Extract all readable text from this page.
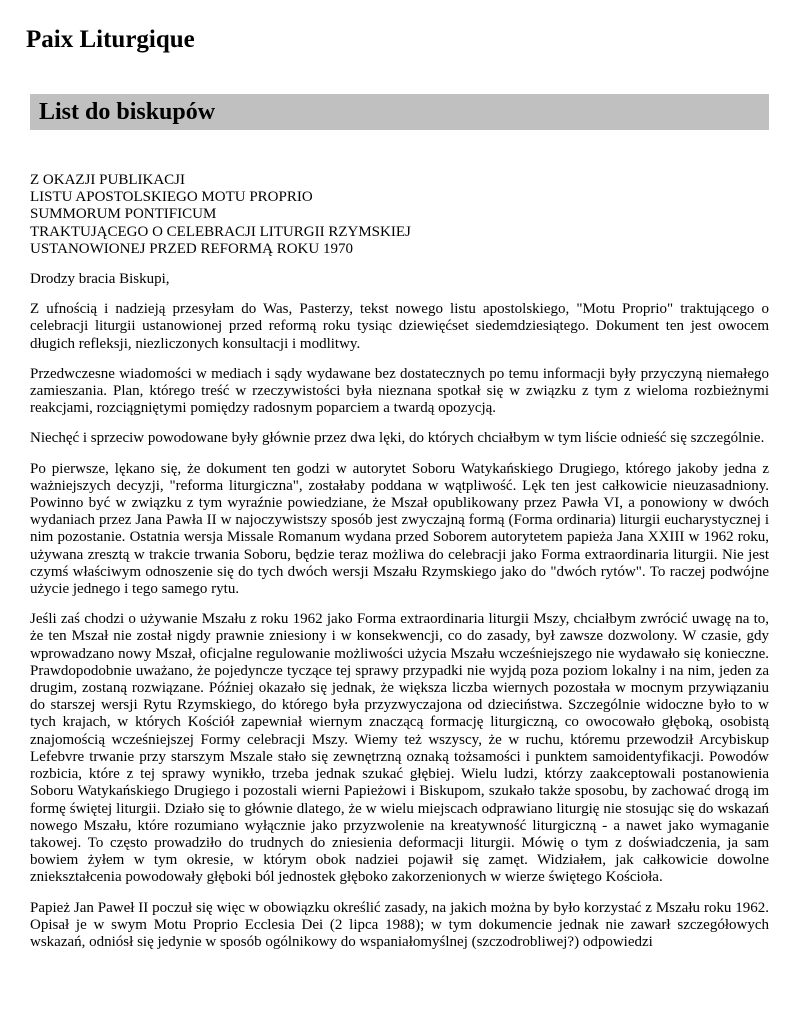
Paix Liturgique
List do biskupów
Z OKAZJI PUBLIKACJI
LISTU APOSTOLSKIEGO MOTU PROPRIO
SUMMORUM PONTIFICUM
TRAKTUJĄCEGO O CELEBRACJI LITURGII RZYMSKIEJ
USTANOWIONEJ PRZED REFORMĄ ROKU 1970

Drodzy bracia Biskupi,

Z ufnością i nadzieją przesyłam do Was, Pasterzy, tekst nowego listu apostolskiego, "Motu Proprio" traktującego o celebracji liturgii ustanowionej przed reformą roku tysiąc dziewięćset siedemdziesiątego. Dokument ten jest owocem długich refleksji, niezliczonych konsultacji i modlitwy.

Przedwczesne wiadomości w mediach i sądy wydawane bez dostatecznych po temu informacji były przyczyną niemałego zamieszania. Plan, którego treść w rzeczywistości była nieznana spotkał się w związku z tym z wieloma rozbieżnymi reakcjami, rozciągniętymi pomiędzy radosnym poparciem a twardą opozycją.

Niechęć i sprzeciw powodowane były głównie przez dwa lęki, do których chciałbym w tym liście odnieść się szczególnie.

Po pierwsze, lękano się, że dokument ten godzi w autorytet Soboru Watykańskiego Drugiego, którego jakoby jedna z ważniejszych decyzji, "reforma liturgiczna", zostałaby poddana w wątpliwość. Lęk ten jest całkowicie nieuzasadniony. Powinno być w związku z tym wyraźnie powiedziane, że Mszał opublikowany przez Pawła VI, a ponowiony w dwóch wydaniach przez Jana Pawła II w najoczywistszy sposób jest zwyczajną formą (Forma ordinaria) liturgii eucharystycznej i nim pozostanie. Ostatnia wersja Missale Romanum wydana przed Soborem autorytetem papieża Jana XXIII w 1962 roku, używana zresztą w trakcie trwania Soboru, będzie teraz możliwa do celebracji jako Forma extraordinaria liturgii. Nie jest czymś właściwym odnoszenie się do tych dwóch wersji Mszału Rzymskiego jako do "dwóch rytów". To raczej podwójne użycie jednego i tego samego rytu.

Jeśli zaś chodzi o używanie Mszału z roku 1962 jako Forma extraordinaria liturgii Mszy, chciałbym zwrócić uwagę na to, że ten Mszał nie został nigdy prawnie zniesiony i w konsekwencji, co do zasady, był zawsze dozwolony. W czasie, gdy wprowadzano nowy Mszał, oficjalne regulowanie możliwości użycia Mszału wcześniejszego nie wydawało się konieczne. Prawdopodobnie uważano, że pojedyncze tyczące tej sprawy przypadki nie wyjdą poza poziom lokalny i na nim, jeden za drugim, zostaną rozwiązane. Później okazało się jednak, że większa liczba wiernych pozostała w mocnym przywiązaniu do starszej wersji Rytu Rzymskiego, do którego była przyzwyczajona od dzieciństwa. Szczególnie widoczne było to w tych krajach, w których Kościół zapewniał wiernym znaczącą formację liturgiczną, co owocowało głęboką, osobistą znajomością wcześniejszej Formy celebracji Mszy. Wiemy też wszyscy, że w ruchu, któremu przewodził Arcybiskup Lefebvre trwanie przy starszym Mszale stało się zewnętrzną oznaką tożsamości i punktem samoidentyfikacji. Powodów rozbicia, które z tej sprawy wynikło, trzeba jednak szukać głębiej. Wielu ludzi, którzy zaakceptowali postanowienia Soboru Watykańskiego Drugiego i pozostali wierni Papieżowi i Biskupom, szukało także sposobu, by zachować drogą im formę świętej liturgii. Działo się to głównie dlatego, że w wielu miejscach odprawiano liturgię nie stosując się do wskazań nowego Mszału, które rozumiano wyłącznie jako przyzwolenie na kreatywność liturgiczną - a nawet jako wymaganie takowej. To często prowadziło do trudnych do zniesienia deformacji liturgii. Mówię o tym z doświadczenia, ja sam bowiem żyłem w tym okresie, w którym obok nadziei pojawił się zamęt. Widziałem, jak całkowicie dowolne zniekształcenia powodowały głęboki ból jednostek głęboko zakorzenionych w wierze świętego Kościoła.

Papież Jan Paweł II poczuł się więc w obowiązku określić zasady, na jakich można by było korzystać z Mszału roku 1962. Opisał je w swym Motu Proprio Ecclesia Dei (2 lipca 1988); w tym dokumencie jednak nie zawarł szczegółowych wskazań, odniósł się jedynie w sposób ogólnikowy do wspaniałomyślnej (szczodrobliwej?) odpowiedzi
